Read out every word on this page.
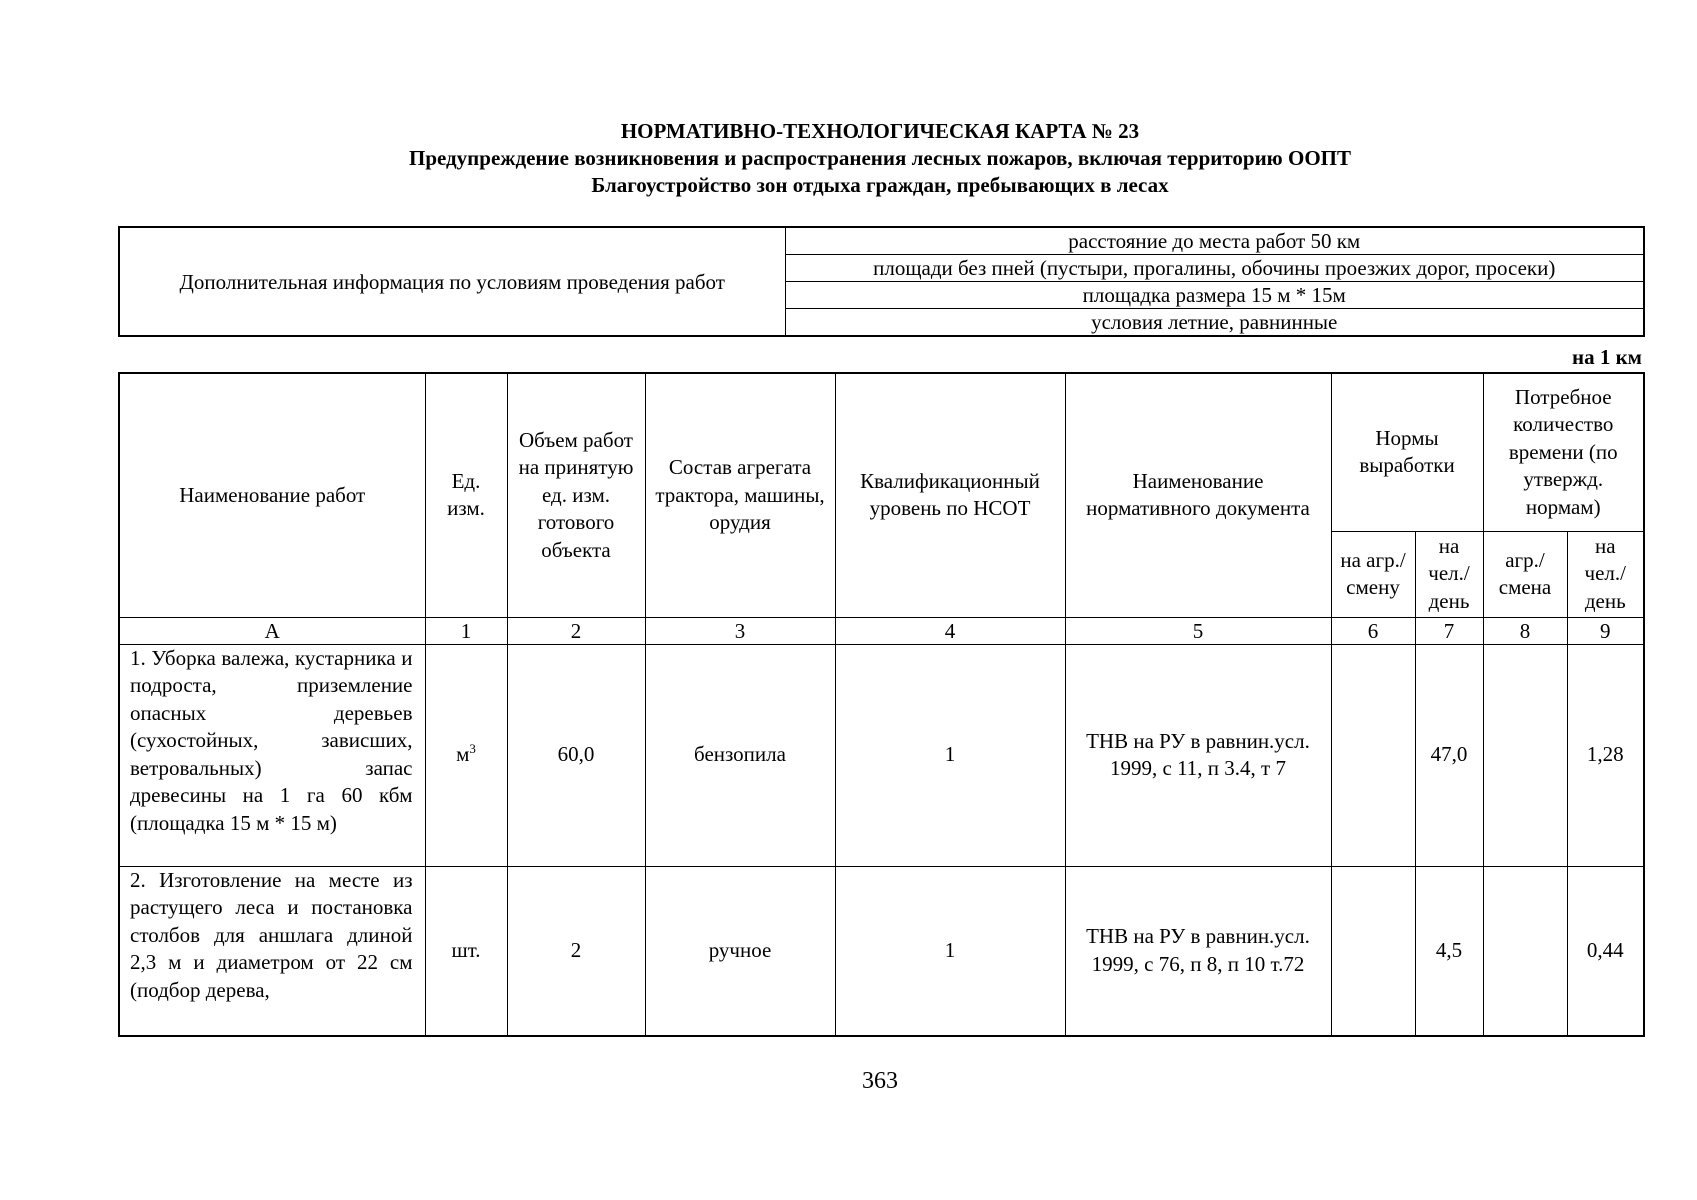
НОРМАТИВНО-ТЕХНОЛОГИЧЕСКАЯ КАРТА № 23
Предупреждение возникновения и распространения лесных пожаров, включая территорию ООПТ
Благоустройство зон отдыха граждан, пребывающих в лесах
Дополнительная информация по условиям проведения работ	расстояние до места работ 50 км
площади без пней (пустыри, прогалины, обочины проезжих дорог, просеки)
площадка размера 15 м * 15м
условия летние, равнинные
на 1 км
Наименование работ	Ед. изм.	Объем работ на принятую ед. изм. готового объекта	Состав агрегата трактора, машины, орудия	Квалификационный уровень по НСОТ	Наименование нормативного документа	Нормы выработки		Потребное количество времени (по утвержд. нормам)	
						на агр./ смену	на чел./ день	агр./ смена	на чел./ день
А	1	2	3	4	5	6	7	8	9
1. Уборка валежа, кустарника и подроста, приземление опасных деревьев (сухостойных, зависших, ветровальных) запас древесины на 1 га 60 кбм (площадка 15 м * 15 м)	$м^3$	60,0	бензопила	1	ТНВ на РУ в равнин.усл. 1999, с 11, п 3.4, т 7		47,0		1,28
2. Изготовление на месте из растущего леса и постановка столбов для аншлага длиной 2,3 м и диаметром от 22 см (подбор дерева,	шт.	2	ручное	1	ТНВ на РУ в равнин.усл. 1999, с 76, п 8, п 10 т.72		4,5		0,44
363
